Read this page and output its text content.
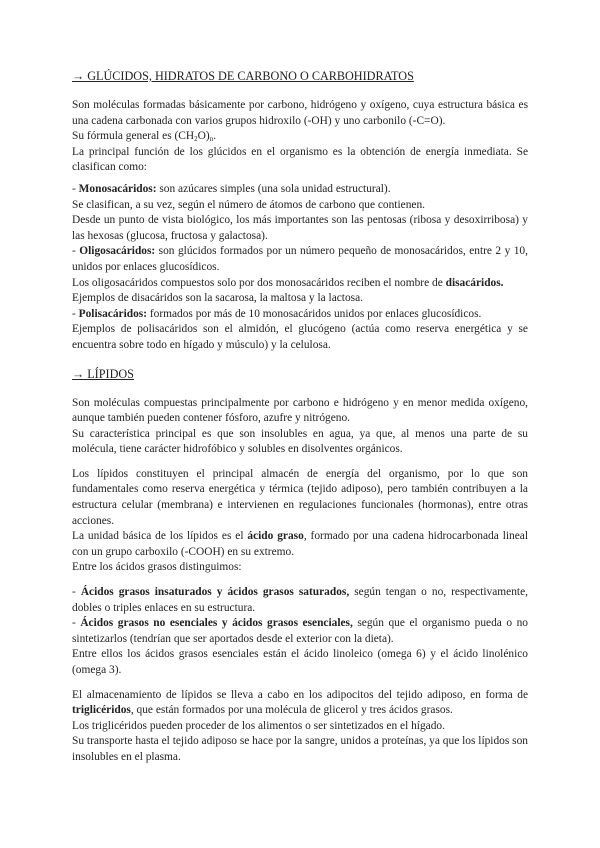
→ GLÚCIDOS, HIDRATOS DE CARBONO O CARBOHIDRATOS

Son moléculas formadas básicamente por carbono, hidrógeno y oxígeno, cuya estructura básica es una cadena carbonada con varios grupos hidroxilo (-OH) y uno carbonilo (-C=O).

Su fórmula general es $(CH_2O)_n$.

La principal función de los glúcidos en el organismo es la obtención de energía inmediata. Se clasifican como:

- Monosacáridos: son azúcares simples (una sola unidad estructural).

Se clasifican, a su vez, según el número de átomos de carbono que contienen.

Desde un punto de vista biológico, los más importantes son las pentosas (ribosa y desoxirribosa) y las hexosas (glucosa, fructosa y galactosa).

- Oligosacáridos: son glúcidos formados por un número pequeño de monosacáridos, entre 2 y 10, unidos por enlaces glucosídicos.

Los oligosacáridos compuestos solo por dos monosacáridos reciben el nombre de disacáridos.

Ejemplos de disacáridos son la sacarosa, la maltosa y la lactosa.

- Polisacáridos: formados por más de 10 monosacáridos unidos por enlaces glucosídicos.

Ejemplos de polisacáridos son el almidón, el glucógeno (actúa como reserva energética y se encuentra sobre todo en hígado y músculo) y la celulosa.

→ LÍPIDOS

Son moléculas compuestas principalmente por carbono e hidrógeno y en menor medida oxígeno, aunque también pueden contener fósforo, azufre y nitrógeno.

Su característica principal es que son insolubles en agua, ya que, al menos una parte de su molécula, tiene carácter hidrofóbico y solubles en disolventes orgánicos.

Los lípidos constituyen el principal almacén de energía del organismo, por lo que son fundamentales como reserva energética y térmica (tejido adiposo), pero también contribuyen a la estructura celular (membrana) e intervienen en regulaciones funcionales (hormonas), entre otras acciones.

La unidad básica de los lípidos es el ácido graso, formado por una cadena hidrocarbonada lineal con un grupo carboxilo (-COOH) en su extremo.

Entre los ácidos grasos distinguimos:

- Ácidos grasos insaturados y ácidos grasos saturados, según tengan o no, respectivamente, dobles o triples enlaces en su estructura.

- Ácidos grasos no esenciales y ácidos grasos esenciales, según que el organismo pueda o no sintetizarlos (tendrían que ser aportados desde el exterior con la dieta).

Entre ellos los ácidos grasos esenciales están el ácido linoleico (omega 6) y el ácido linolénico (omega 3).

El almacenamiento de lípidos se lleva a cabo en los adipocitos del tejido adiposo, en forma de triglicéridos, que están formados por una molécula de glicerol y tres ácidos grasos.

Los triglicéridos pueden proceder de los alimentos o ser sintetizados en el hígado.

Su transporte hasta el tejido adiposo se hace por la sangre, unidos a proteínas, ya que los lípidos son insolubles en el plasma.
